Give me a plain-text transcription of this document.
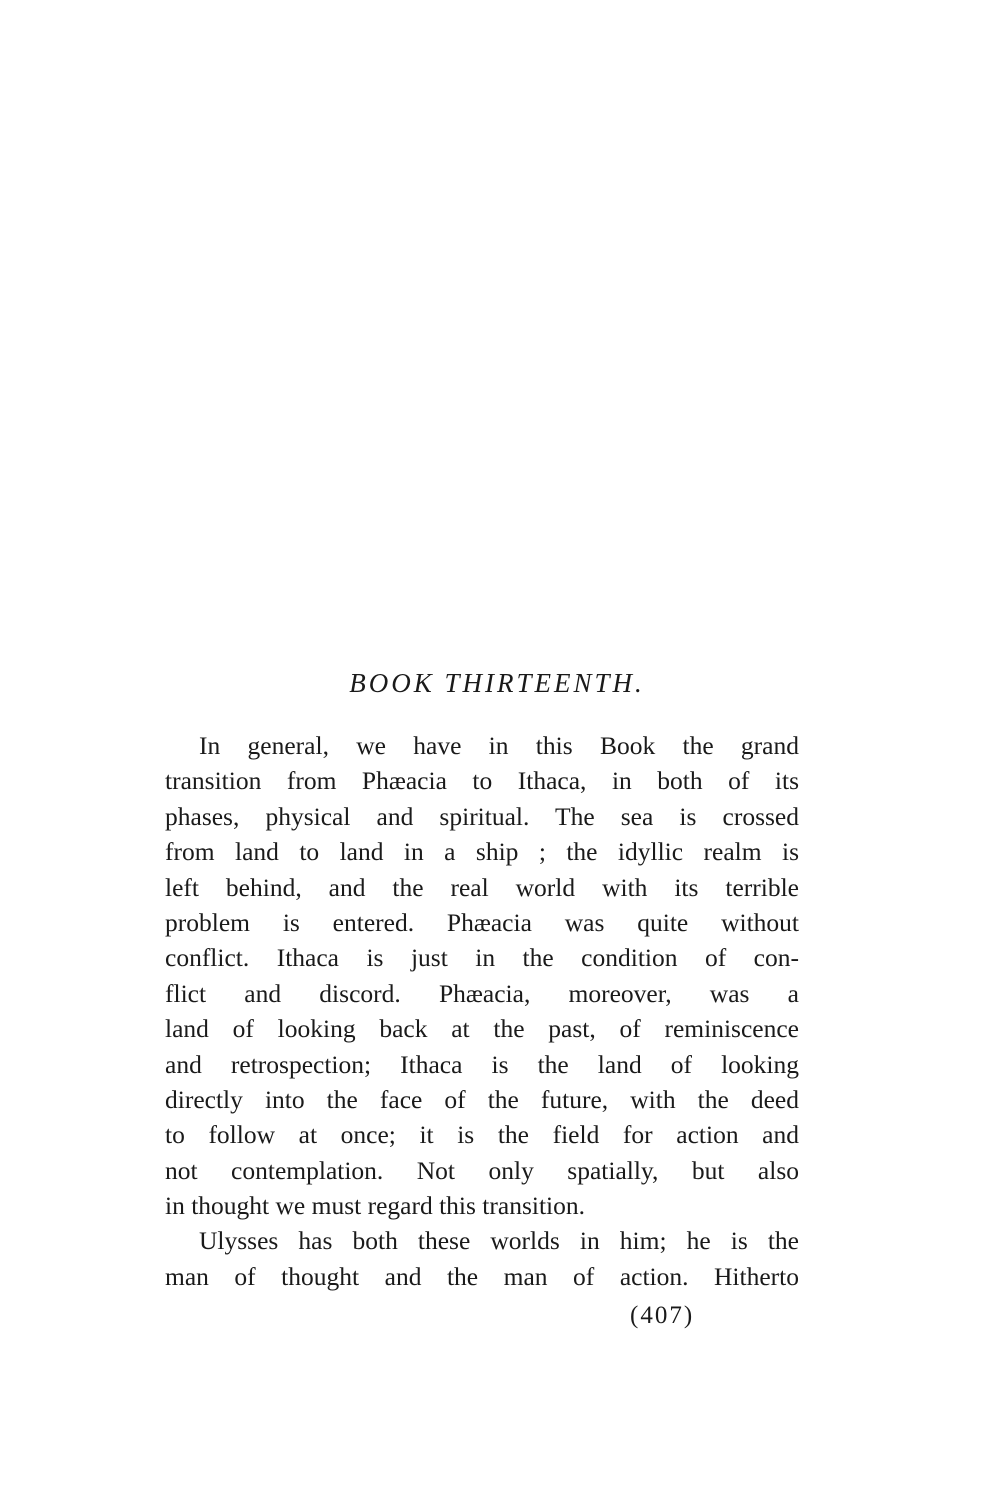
BOOK THIRTEENTH.
In general, we have in this Book the grand
transition from Phæacia to Ithaca, in both of its
phases, physical and spiritual. The sea is crossed
from land to land in a ship ; the idyllic realm is
left behind, and the real world with its terrible
problem is entered. Phæacia was quite without
conflict. Ithaca is just in the condition of con-
flict and discord. Phæacia, moreover, was a
land of looking back at the past, of reminiscence
and retrospection; Ithaca is the land of looking
directly into the face of the future, with the deed
to follow at once; it is the field for action and
not contemplation. Not only spatially, but also
in thought we must regard this transition.
Ulysses has both these worlds in him; he is the
man of thought and the man of action. Hitherto
(407)
